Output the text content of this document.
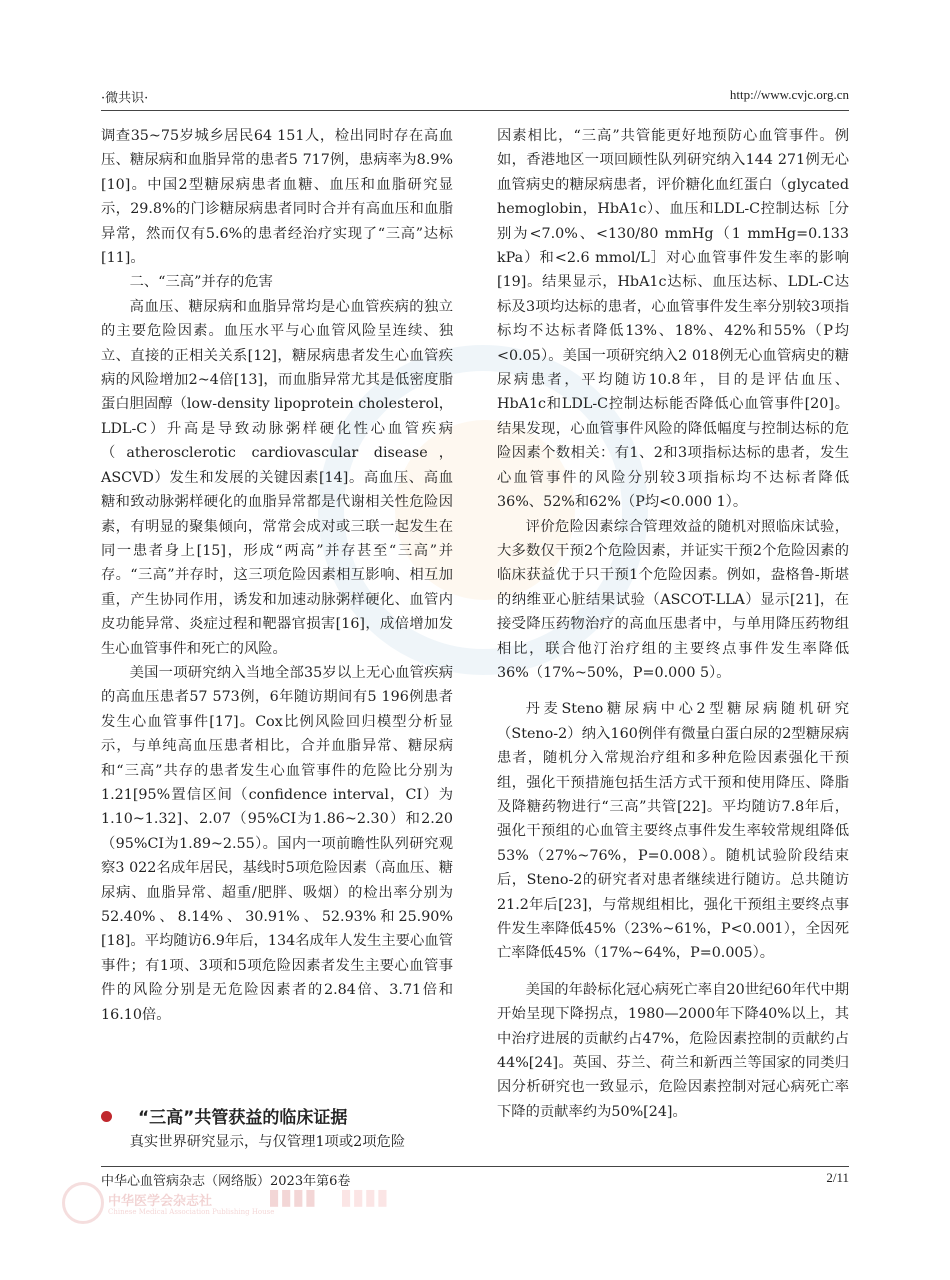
·微共识·	http://www.cvjc.org.cn

调查35~75岁城乡居民64 151人，检出同时存在高血压、糖尿病和血脂异常的患者5 717例，患病率为8.9%[10]。中国2型糖尿病患者血糖、血压和血脂研究显示，29.8%的门诊糖尿病患者同时合并有高血压和血脂异常，然而仅有5.6%的患者经治疗实现了“三高”达标[11]。

二、“三高”并存的危害

高血压、糖尿病和血脂异常均是心血管疾病的独立的主要危险因素。血压水平与心血管风险呈连续、独立、直接的正相关关系[12]，糖尿病患者发生心血管疾病的风险增加2~4倍[13]，而血脂异常尤其是低密度脂蛋白胆固醇（low-density lipoprotein cholesterol，LDL-C）升高是导致动脉粥样硬化性心血管疾病（atherosclerotic cardiovascular disease，ASCVD）发生和发展的关键因素[14]。高血压、高血糖和致动脉粥样硬化的血脂异常都是代谢相关性危险因素，有明显的聚集倾向，常常会成对或三联一起发生在同一患者身上[15]，形成“两高”并存甚至“三高”并存。“三高”并存时，这三项危险因素相互影响、相互加重，产生协同作用，诱发和加速动脉粥样硬化、血管内皮功能异常、炎症过程和靶器官损害[16]，成倍增加发生心血管事件和死亡的风险。

美国一项研究纳入当地全部35岁以上无心血管疾病的高血压患者57 573例，6年随访期间有5 196例患者发生心血管事件[17]。Cox比例风险回归模型分析显示，与单纯高血压患者相比，合并血脂异常、糖尿病和“三高”共存的患者发生心血管事件的危险比分别为1.21[95%置信区间（confidence interval，CI）为1.10~1.32]、2.07（95%CI为1.86~2.30）和2.20（95%CI为1.89~2.55）。国内一项前瞻性队列研究观察3 022名成年居民，基线时5项危险因素（高血压、糖尿病、血脂异常、超重/肥胖、吸烟）的检出率分别为52.40%、8.14%、30.91%、52.93%和25.90%[18]。平均随访6.9年后，134名成年人发生主要心血管事件；有1项、3项和5项危险因素者发生主要心血管事件的风险分别是无危险因素者的2.84倍、3.71倍和16.10倍。

“三高”共管获益的临床证据
真实世界研究显示，与仅管理1项或2项危险

因素相比，“三高”共管能更好地预防心血管事件。例如，香港地区一项回顾性队列研究纳入144 271例无心血管病史的糖尿病患者，评价糖化血红蛋白（glycated hemoglobin，HbA1c）、血压和LDL-C控制达标［分别为<7.0%、<130/80 mmHg（1 mmHg=0.133 kPa）和<2.6 mmol/L］对心血管事件发生率的影响[19]。结果显示，HbA1c达标、血压达标、LDL-C达标及3项均达标的患者，心血管事件发生率分别较3项指标均不达标者降低13%、18%、42%和55%（P均<0.05）。美国一项研究纳入2 018例无心血管病史的糖尿病患者，平均随访10.8年，目的是评估血压、HbA1c和LDL-C控制达标能否降低心血管事件[20]。结果发现，心血管事件风险的降低幅度与控制达标的危险因素个数相关：有1、2和3项指标达标的患者，发生心血管事件的风险分别较3项指标均不达标者降低36%、52%和62%（P均<0.000 1）。

评价危险因素综合管理效益的随机对照临床试验，大多数仅干预2个危险因素，并证实干预2个危险因素的临床获益优于只干预1个危险因素。例如，盎格鲁-斯堪的纳维亚心脏结果试验（ASCOT-LLA）显示[21]，在接受降压药物治疗的高血压患者中，与单用降压药物组相比，联合他汀治疗组的主要终点事件发生率降低36%（17%~50%，P=0.000 5）。

丹麦Steno糖尿病中心2型糖尿病随机研究（Steno-2）纳入160例伴有微量白蛋白尿的2型糖尿病患者，随机分入常规治疗组和多种危险因素强化干预组，强化干预措施包括生活方式干预和使用降压、降脂及降糖药物进行“三高”共管[22]。平均随访7.8年后，强化干预组的心血管主要终点事件发生率较常规组降低53%（27%~76%，P=0.008）。随机试验阶段结束后，Steno-2的研究者对患者继续进行随访。总共随访21.2年后[23]，与常规组相比，强化干预组主要终点事件发生率降低45%（23%~61%，P<0.001），全因死亡率降低45%（17%~64%，P=0.005）。

美国的年龄标化冠心病死亡率自20世纪60年代中期开始呈现下降拐点，1980—2000年下降40%以上，其中治疗进展的贡献约占47%，危险因素控制的贡献约占44%[24]。英国、芬兰、荷兰和新西兰等国家的同类归因分析研究也一致显示，危险因素控制对冠心病死亡率下降的贡献率约为50%[24]。

中华心血管病杂志（网络版）2023年第6卷	2/11
中华医学会杂志社
Chinese Medical Association Publishing House
▮▮▮▮ ▮▮▮▮
